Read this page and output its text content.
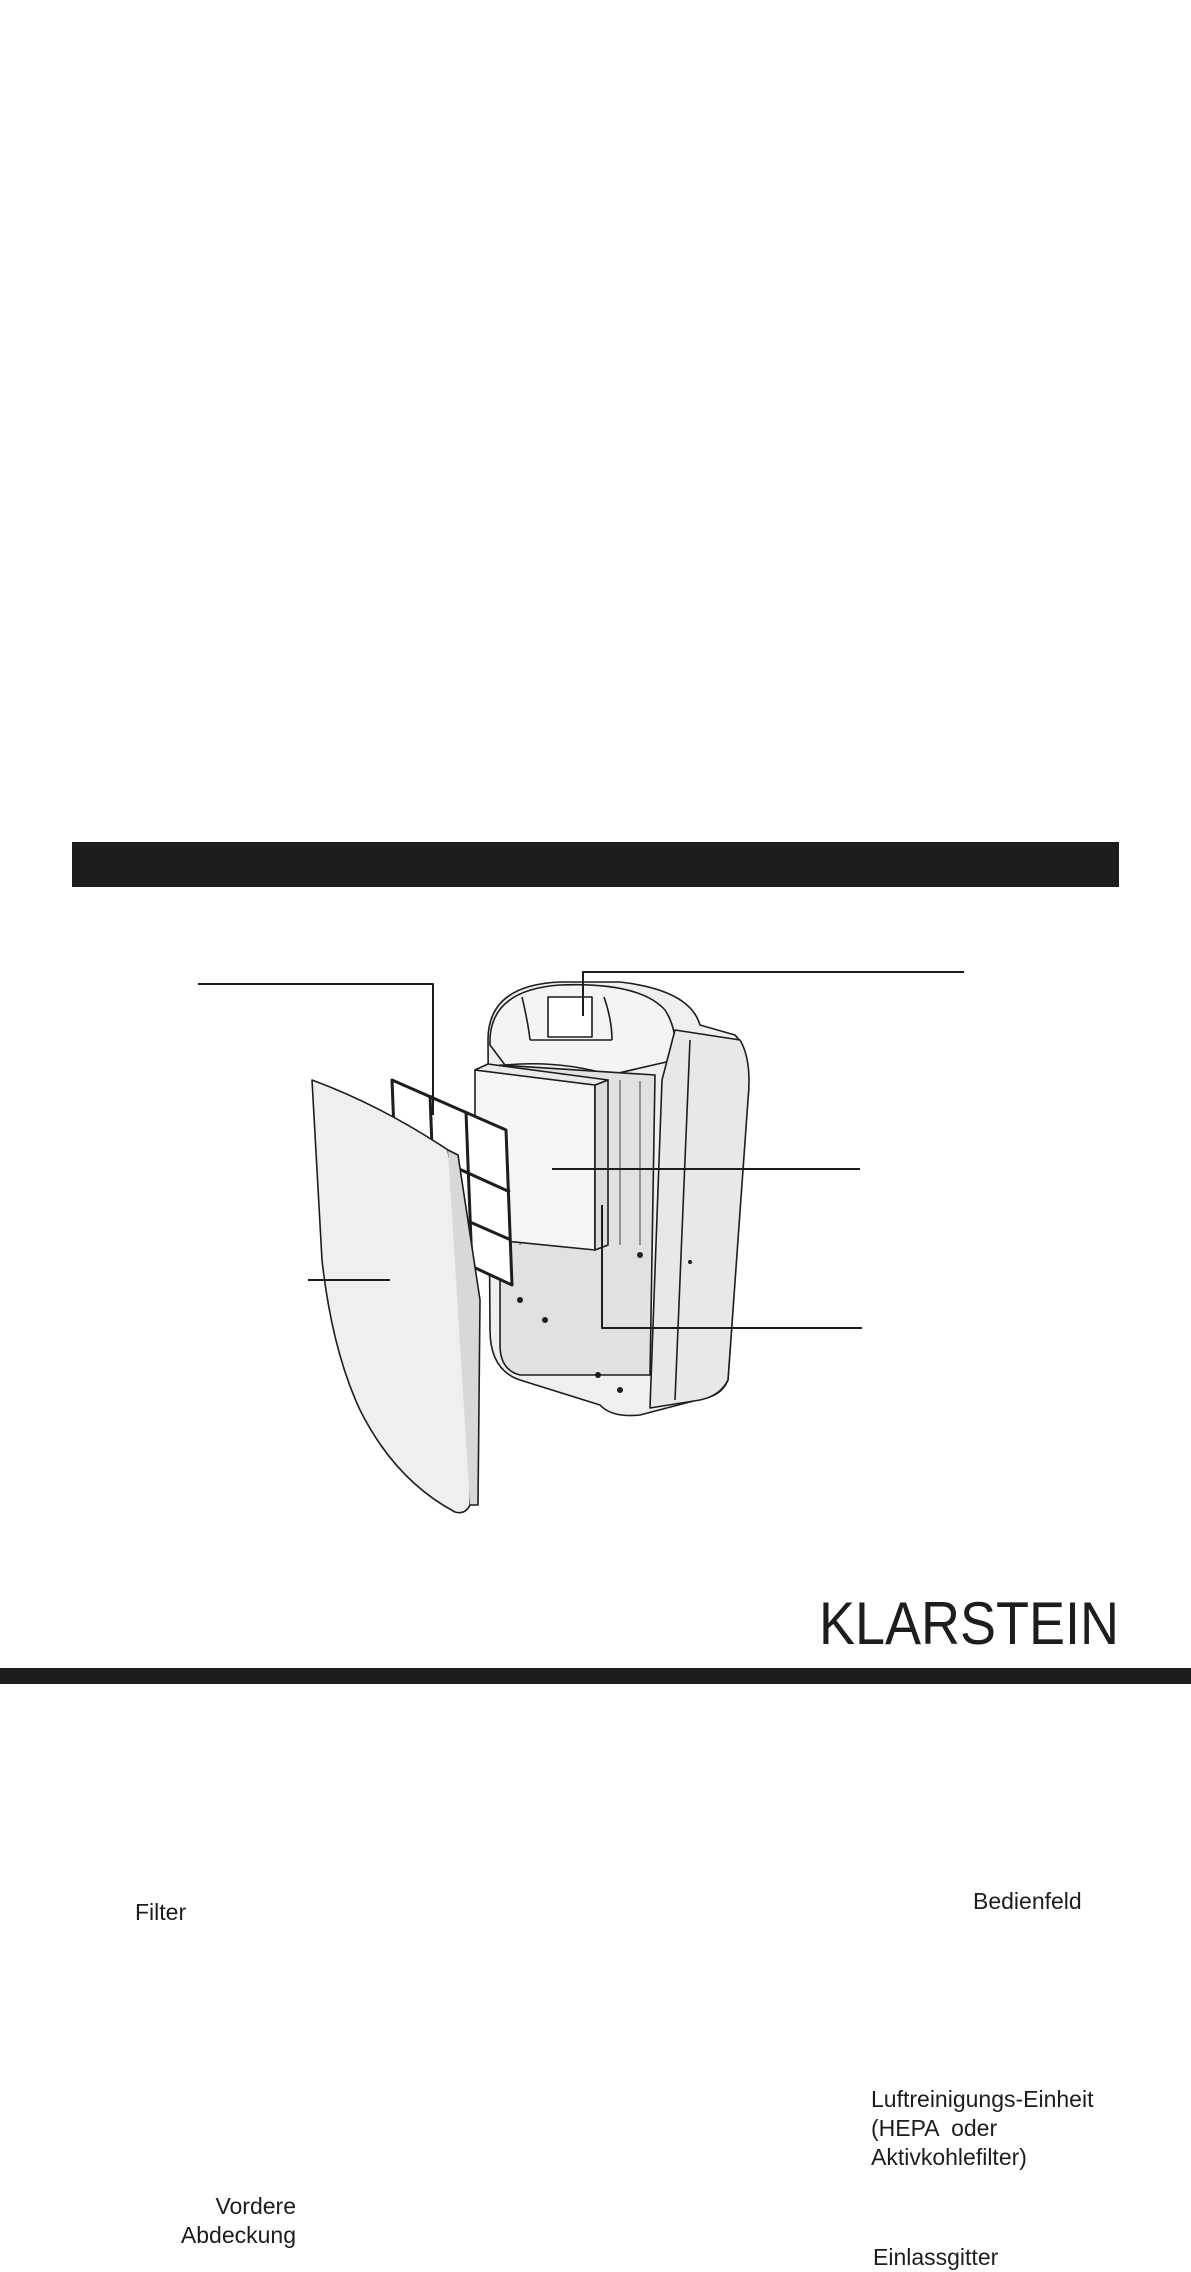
Filter	Bedienfeld
Luftreinigungs-Einheit
(HEPA  oder
Aktivkohlefilter)
Vordere
Abdeckung
Einlassgitter
KLARSTEIN
